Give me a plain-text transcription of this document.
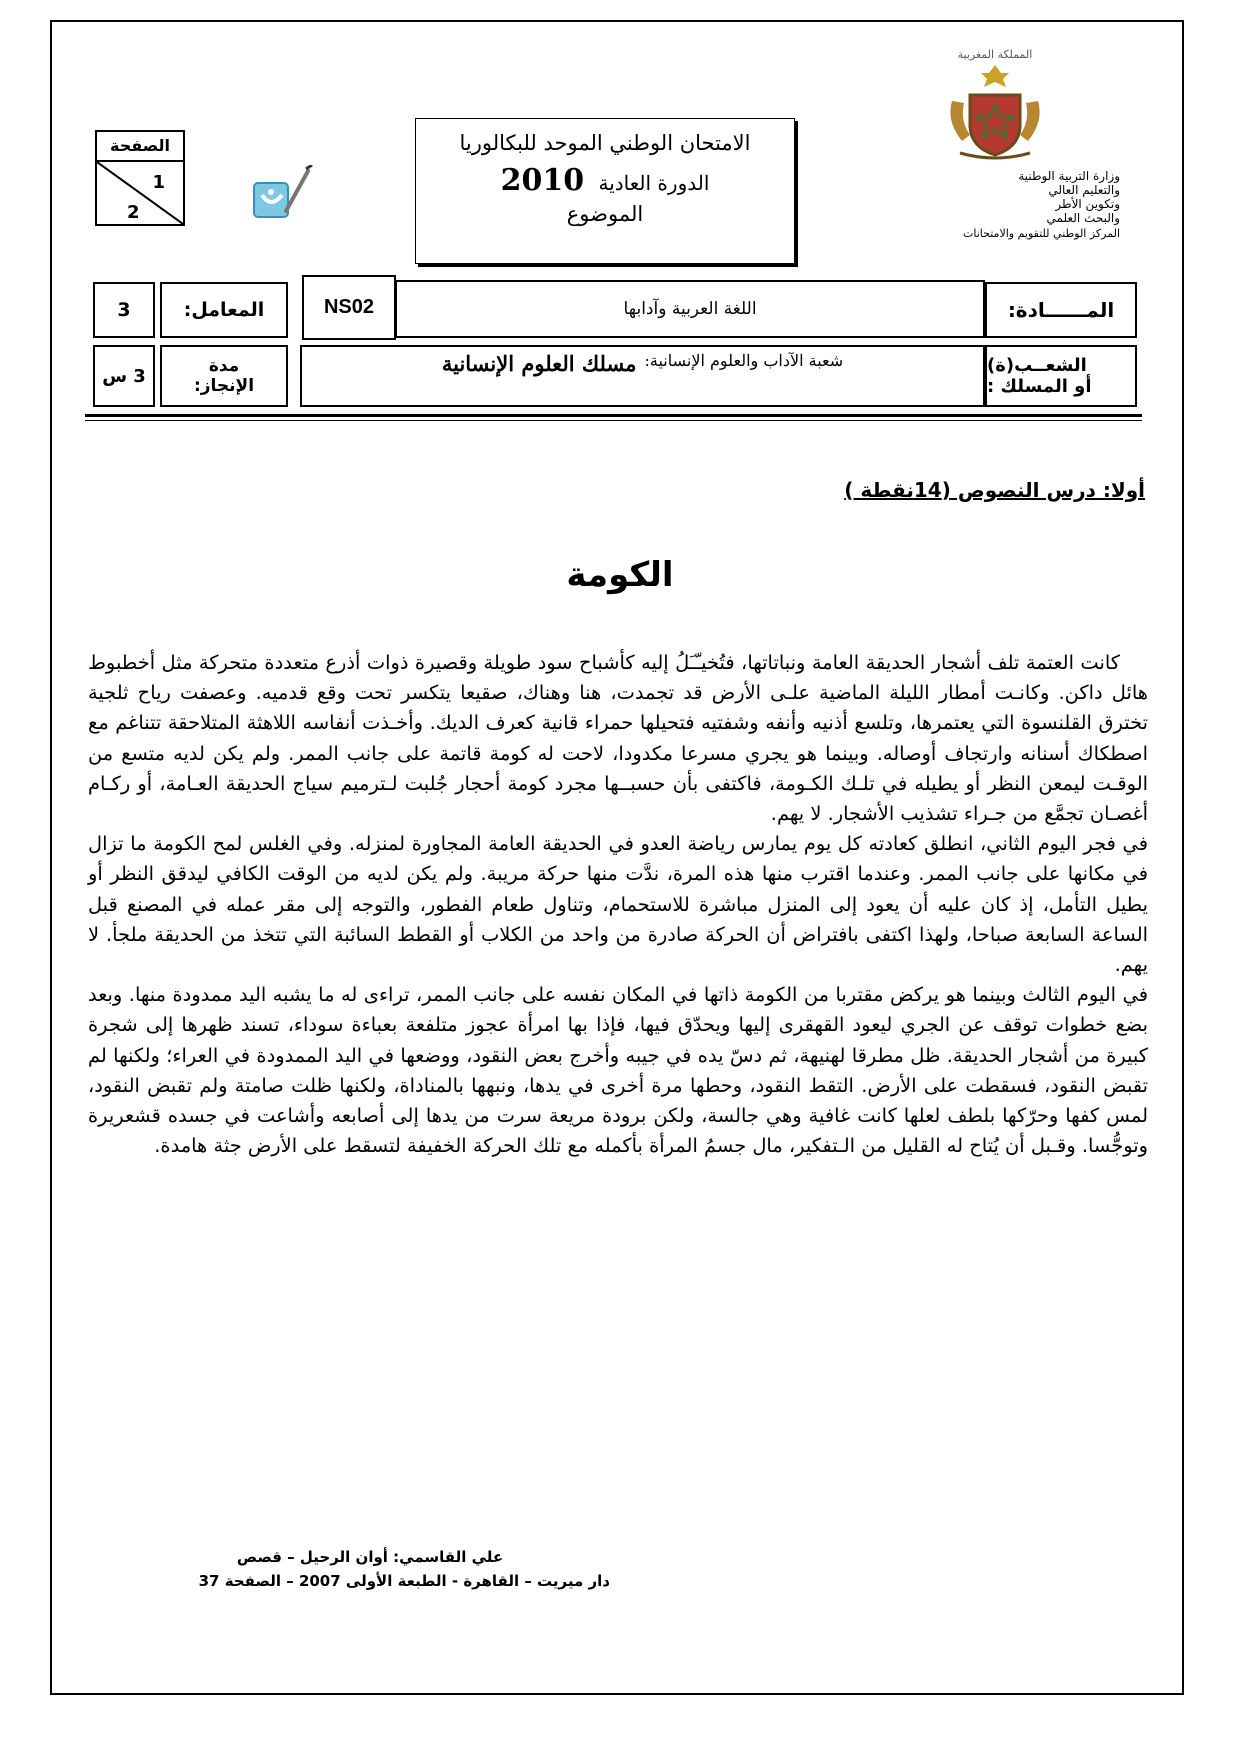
الصفحة
1
2
الامتحان الوطني الموحد للبكالوريا
الدورة العادية 2010
الموضوع
المملكة المغربية
وزارة التربية الوطنية
والتعليم العالي
وتكوين الأطر
والبحث العلمي
المركز الوطني للتقويم والامتحانات
المــــــادة:
اللغة العربية وآدابها
NS02
المعامل:
3
الشعــب(ة)
أو المسلك :
شعبة الآداب والعلوم الإنسانية:
مسلك العلوم الإنسانية
مدة
الإنجاز:
3 س
أولا: درس النصوص (14نقطة )
الكومة

كانت العتمة تلف أشجار الحديقة العامة ونباتاتها، فتُخيـّـَلُ إليه كأشباح سود طويلة وقصيرة ذوات أذرع متعددة متحركة مثل أخطبوط هائل داكن. وكانـت أمطار الليلة الماضية علـى الأرض قد تجمدت، هنا وهناك، صقيعا يتكسر تحت وقع قدميه. وعصفت رياح ثلجية تخترق القلنسوة التي يعتمرها، وتلسع أذنيه وأنفه وشفتيه فتحيلها حمراء قانية كعرف الديك. وأخـذت أنفاسه اللاهثة المتلاحقة تتناغم مع اصطكاك أسنانه وارتجاف أوصاله. وبينما هو يجري مسرعا مكدودا، لاحت له كومة قاتمة على جانب الممر. ولم يكن لديه متسع من الوقـت ليمعن النظر أو يطيله في تلـك الكـومة، فاكتفى بأن حسبــها مجرد كومة أحجار جُلبت لـترميم سياج الحديقة العـامة، أو ركـام أغصـان تجمَّع من جـراء تشذيب الأشجار. لا يهم.

في فجر اليوم الثاني، انطلق كعادته كل يوم يمارس رياضة العدو في الحديقة العامة المجاورة لمنزله. وفي الغلس لمح الكومة ما تزال في مكانها على جانب الممر. وعندما اقترب منها هذه المرة، ندَّت منها حركة مريبة. ولم يكن لديه من الوقت الكافي ليدقق النظر أو يطيل التأمل، إذ كان عليه أن يعود إلى المنزل مباشرة للاستحمام، وتناول طعام الفطور، والتوجه إلى مقر عمله في المصنع قبل الساعة السابعة صباحا، ولهذا اكتفى بافتراض أن الحركة صادرة من واحد من الكلاب أو القطط السائبة التي تتخذ من الحديقة ملجأ. لا يهم.

في اليوم الثالث وبينما هو يركض مقتربا من الكومة ذاتها في المكان نفسه على جانب الممر، تراءى له ما يشبه اليد ممدودة منها. وبعد بضع خطوات توقف عن الجري ليعود القهقرى إليها ويحدّق فيها، فإذا بها امرأة عجوز متلفعة بعباءة سوداء، تسند ظهرها إلى شجرة كبيرة من أشجار الحديقة. ظل مطرقا لهنيهة، ثم دسّ يده في جيبه وأخرج بعض النقود، ووضعها في اليد الممدودة في العراء؛ ولكنها لم تقبض النقود، فسقطت على الأرض. التقط النقود، وحطها مرة أخرى في يدها، ونبهها بالمناداة، ولكنها ظلت صامتة ولم تقبض النقود، لمس كفها وحرّكها بلطف لعلها كانت غافية وهي جالسة، ولكن برودة مريعة سرت من يدها إلى أصابعه وأشاعت في جسده قشعريرة وتوجُّسا. وقـبل أن يُتاح له القليل من الـتفكير، مال جسمُ المرأة بأكمله مع تلك الحركة الخفيفة لتسقط على الأرض جثة هامدة.

علي القاسمي: أوان الرحيل – قصص
دار ميريت – القاهرة - الطبعة الأولى 2007 – الصفحة 37
